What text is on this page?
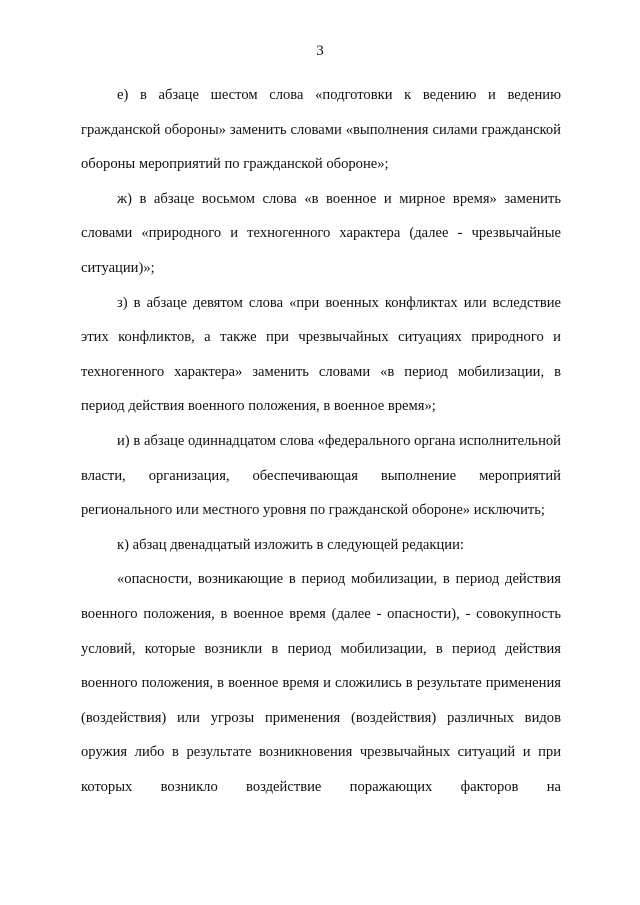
3

е) в абзаце шестом слова «подготовки к ведению и ведению гражданской обороны» заменить словами «выполнения силами гражданской обороны мероприятий по гражданской обороне»;

ж) в абзаце восьмом слова «в военное и мирное время» заменить словами «природного и техногенного характера (далее - чрезвычайные ситуации)»;

з) в абзаце девятом слова «при военных конфликтах или вследствие этих конфликтов, а также при чрезвычайных ситуациях природного и техногенного характера» заменить словами «в период мобилизации, в период действия военного положения, в военное время»;

и) в абзаце одиннадцатом слова «федерального органа исполнительной власти, организация, обеспечивающая выполнение мероприятий регионального или местного уровня по гражданской обороне» исключить;

к) абзац двенадцатый изложить в следующей редакции:

«опасности, возникающие в период мобилизации, в период действия военного положения, в военное время (далее - опасности), - совокупность условий, которые возникли в период мобилизации, в период действия военного положения, в военное время и сложились в результате применения (воздействия) или угрозы применения (воздействия) различных видов оружия либо в результате возникновения чрезвычайных ситуаций и при которых возникло воздействие поражающих факторов на
